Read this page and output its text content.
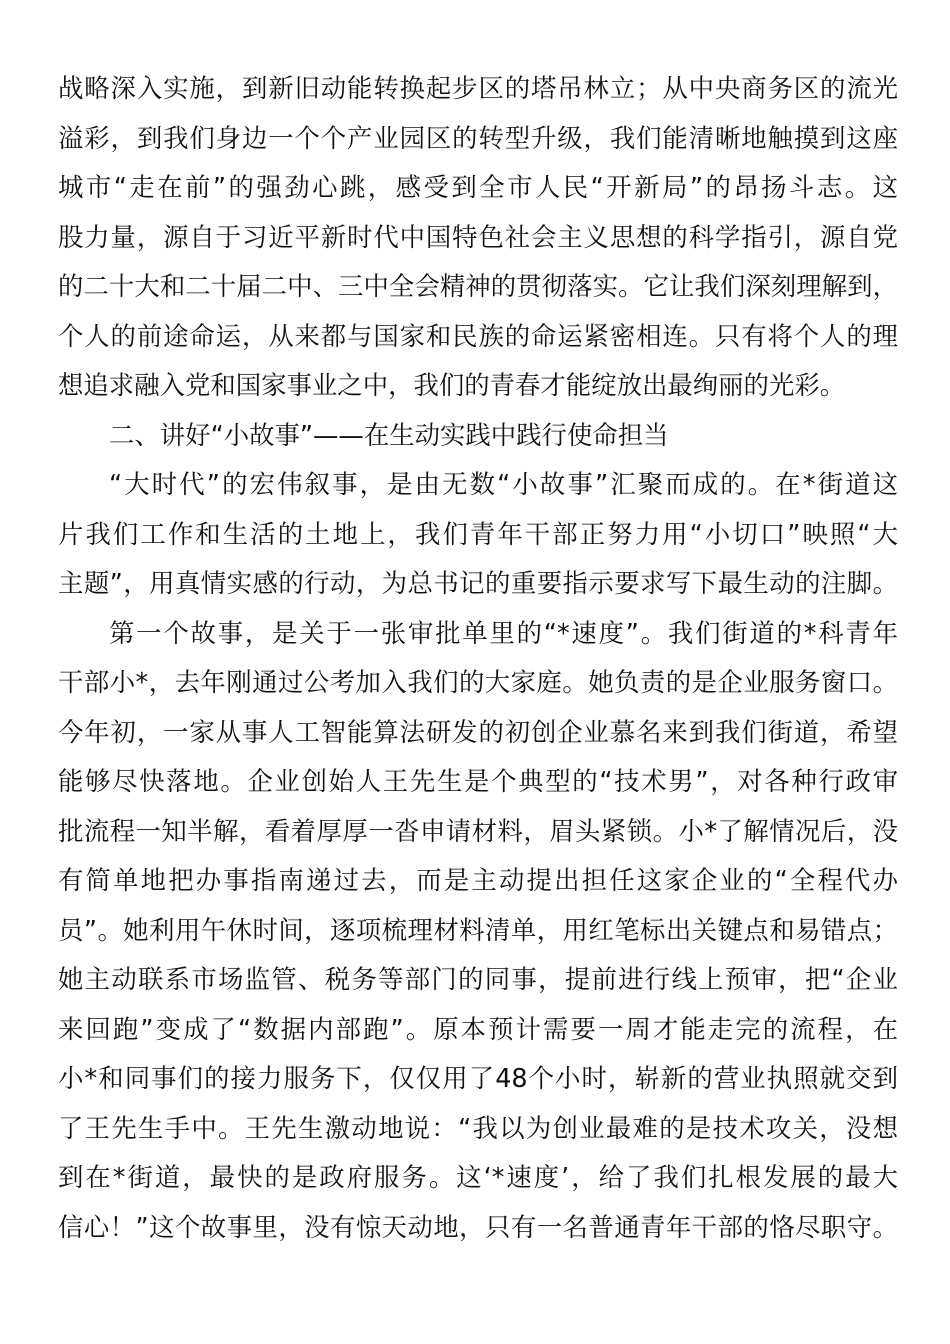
战略深入实施，到新旧动能转换起步区的塔吊林立；从中央商务区的流光
溢彩，到我们身边一个个产业园区的转型升级，我们能清晰地触摸到这座
城市“走在前”的强劲心跳，感受到全市人民“开新局”的昂扬斗志。这
股力量，源自于习近平新时代中国特色社会主义思想的科学指引，源自党
的二十大和二十届二中、三中全会精神的贯彻落实。它让我们深刻理解到，
个人的前途命运，从来都与国家和民族的命运紧密相连。只有将个人的理
想追求融入党和国家事业之中，我们的青春才能绽放出最绚丽的光彩。
二、讲好“小故事”——在生动实践中践行使命担当
“大时代”的宏伟叙事，是由无数“小故事”汇聚而成的。在*街道这
片我们工作和生活的土地上，我们青年干部正努力用“小切口”映照“大
主题”，用真情实感的行动，为总书记的重要指示要求写下最生动的注脚。
第一个故事，是关于一张审批单里的“*速度”。我们街道的*科青年
干部小*，去年刚通过公考加入我们的大家庭。她负责的是企业服务窗口。
今年初，一家从事人工智能算法研发的初创企业慕名来到我们街道，希望
能够尽快落地。企业创始人王先生是个典型的“技术男”，对各种行政审
批流程一知半解，看着厚厚一沓申请材料，眉头紧锁。小*了解情况后，没
有简单地把办事指南递过去，而是主动提出担任这家企业的“全程代办
员”。她利用午休时间，逐项梳理材料清单，用红笔标出关键点和易错点；
她主动联系市场监管、税务等部门的同事，提前进行线上预审，把“企业
来回跑”变成了“数据内部跑”。原本预计需要一周才能走完的流程，在
小*和同事们的接力服务下，仅仅用了48个小时，崭新的营业执照就交到
了王先生手中。王先生激动地说：“我以为创业最难的是技术攻关，没想
到在*街道，最快的是政府服务。这‘*速度’，给了我们扎根发展的最大
信心！”这个故事里，没有惊天动地，只有一名普通青年干部的恪尽职守。
